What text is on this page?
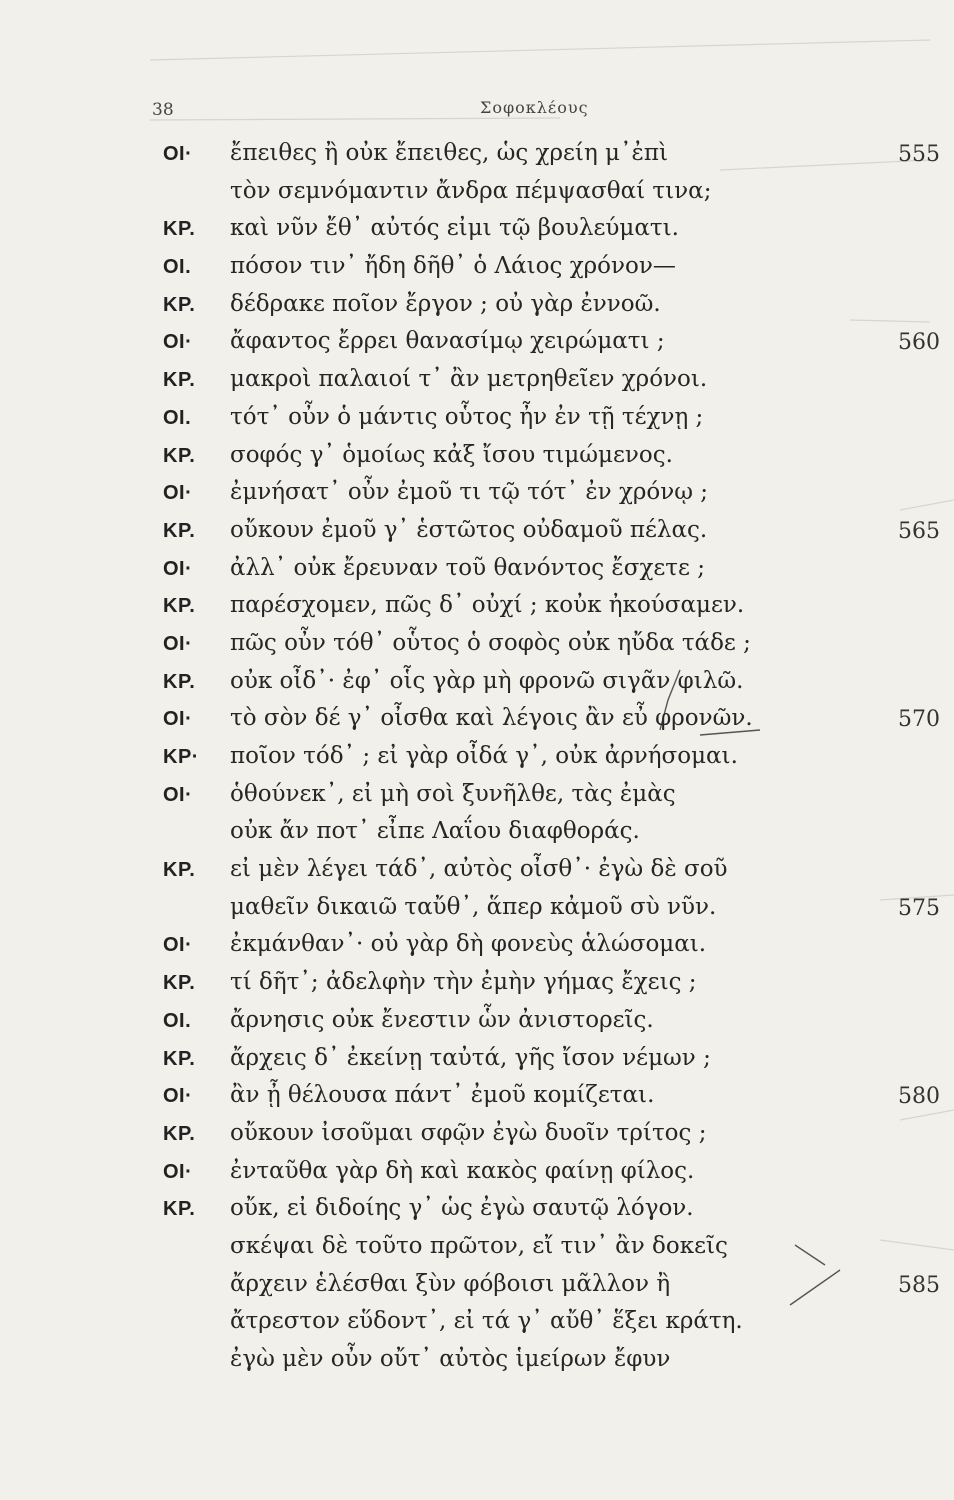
38	Σοφοκλέους
ΟΙ·	ἔπειθες ἢ οὐκ ἔπειθες, ὡς χρείη μ᾽ἐπὶ	555
τὸν σεμνόμαντιν ἄνδρα πέμψασθαί τινα;
ΚΡ.	καὶ νῦν ἔθ᾽ αὐτός εἰμι τῷ βουλεύματι.
ΟΙ.	πόσον τιν᾽ ἤδη δῆθ᾽ ὁ Λάιος χρόνον—
ΚΡ.	δέδρακε ποῖον ἔργον ; οὐ γὰρ ἐννοῶ.
ΟΙ·	ἄφαντος ἔρρει θανασίμῳ χειρώματι ;	560
ΚΡ.	μακροὶ παλαιοί τ᾽ ἂν μετρηθεῖεν χρόνοι.
ΟΙ.	τότ᾽ οὖν ὁ μάντις οὗτος ἦν ἐν τῇ τέχνῃ ;
ΚΡ.	σοφός γ᾽ ὁμοίως κἀξ ἴσου τιμώμενος.
ΟΙ·	ἐμνήσατ᾽ οὖν ἐμοῦ τι τῷ τότ᾽ ἐν χρόνῳ ;
ΚΡ.	οὔκουν ἐμοῦ γ᾽ ἑστῶτος οὐδαμοῦ πέλας.	565
ΟΙ·	ἀλλ᾽ οὐκ ἔρευναν τοῦ θανόντος ἔσχετε ;
ΚΡ.	παρέσχομεν, πῶς δ᾽ οὐχί ; κοὐκ ἠκούσαμεν.
ΟΙ·	πῶς οὖν τόθ᾽ οὗτος ὁ σοφὸς οὐκ ηὔδα τάδε ;
ΚΡ.	οὐκ οἶδ᾽· ἐφ᾽ οἷς γὰρ μὴ φρονῶ σιγᾶν φιλῶ.
ΟΙ·	τὸ σὸν δέ γ᾽ οἶσθα καὶ λέγοις ἂν εὖ φρονῶν.	570
ΚΡ·	ποῖον τόδ᾽ ; εἰ γὰρ οἶδά γ᾽, οὐκ ἀρνήσομαι.
ΟΙ·	ὁθούνεκ᾽, εἰ μὴ σοὶ ξυνῆλθε, τὰς ἐμὰς
οὐκ ἄν ποτ᾽ εἶπε Λαΐου διαφθοράς.
ΚΡ.	εἰ μὲν λέγει τάδ᾽, αὐτὸς οἶσθ᾽· ἐγὼ δὲ σοῦ
μαθεῖν δικαιῶ ταὔθ᾽, ἅπερ κἀμοῦ σὺ νῦν.	575
ΟΙ·	ἐκμάνθαν᾽· οὐ γὰρ δὴ φονεὺς ἁλώσομαι.
ΚΡ.	τί δῆτ᾽; ἀδελφὴν τὴν ἐμὴν γήμας ἔχεις ;
ΟΙ.	ἄρνησις οὐκ ἔνεστιν ὧν ἀνιστορεῖς.
ΚΡ.	ἄρχεις δ᾽ ἐκείνῃ ταὐτά, γῆς ἴσον νέμων ;
ΟΙ·	ἂν ᾖ θέλουσα πάντ᾽ ἐμοῦ κομίζεται.	580
ΚΡ.	οὔκουν ἰσοῦμαι σφῷν ἐγὼ δυοῖν τρίτος ;
ΟΙ·	ἐνταῦθα γὰρ δὴ καὶ κακὸς φαίνῃ φίλος.
ΚΡ.	οὔκ, εἰ διδοίης γ᾽ ὡς ἐγὼ σαυτῷ λόγον.
σκέψαι δὲ τοῦτο πρῶτον, εἴ τιν᾽ ἂν δοκεῖς
ἄρχειν ἑλέσθαι ξὺν φόβοισι μᾶλλον ἢ	585
ἄτρεστον εὕδοντ᾽, εἰ τά γ᾽ αὔθ᾽ ἕξει κράτη.
ἐγὼ μὲν οὖν οὔτ᾽ αὐτὸς ἱμείρων ἔφυν
